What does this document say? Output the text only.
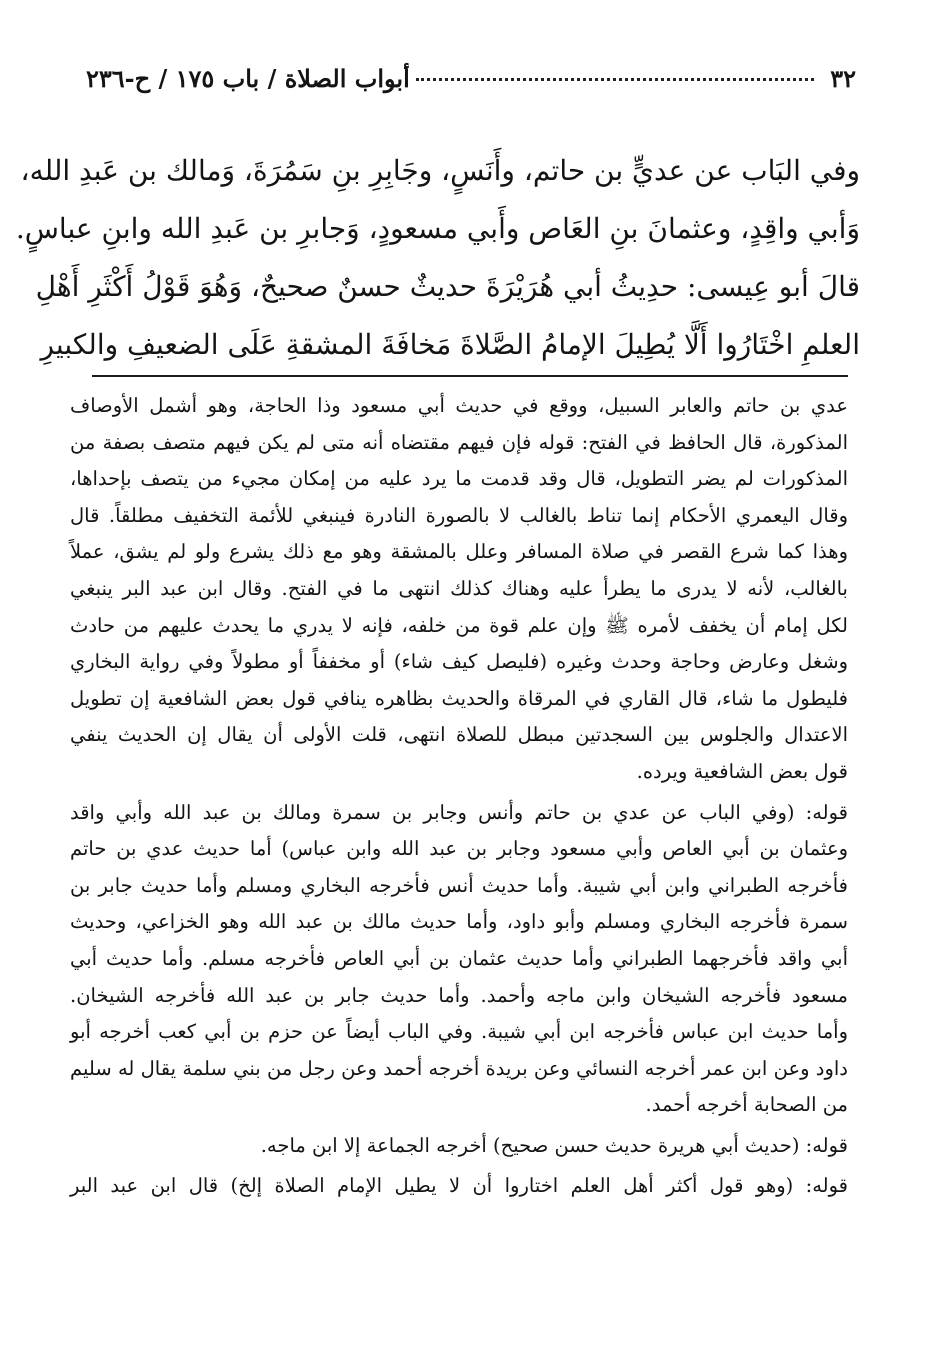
٣٢
أبواب الصلاة / باب ١٧٥ / ح-٢٣٦

وفي البَاب عن عديٍّ بن حاتم، وأَنَسٍ، وجَابِرِ بنِ سَمُرَةَ، وَمالك بن عَبدِ الله،
وَأبي واقِدٍ، وعثمانَ بنِ العَاص وأَبي مسعودٍ، وَجابرِ بن عَبدِ الله وابنِ عباسٍ.
قالَ أبو عِيسى: حدِيثُ أبي هُرَيْرَةَ حديثٌ حسنٌ صحيحٌ، وَهُوَ قَوْلُ أَكْثَرِ أَهْلِ
العلمِ اخْتَارُوا أَلَّا يُطِيلَ الإمامُ الصَّلاةَ مَخافَةَ المشقةِ عَلَى الضعيفِ والكبيرِ

عدي بن حاتم والعابر السبيل، ووقع في حديث أبي مسعود وذا الحاجة، وهو أشمل الأوصاف
المذكورة، قال الحافظ في الفتح: قوله فإن فيهم مقتضاه أنه متى لم يكن فيهم متصف بصفة من
المذكورات لم يضر التطويل، قال وقد قدمت ما يرد عليه من إمكان مجيء من يتصف بإحداها،
وقال اليعمري الأحكام إنما تناط بالغالب لا بالصورة النادرة فينبغي للأئمة التخفيف مطلقاً. قال
وهذا كما شرع القصر في صلاة المسافر وعلل بالمشقة وهو مع ذلك يشرع ولو لم يشق، عملاً
بالغالب، لأنه لا يدرى ما يطرأ عليه وهناك كذلك انتهى ما في الفتح. وقال ابن عبد البر ينبغي
لكل إمام أن يخفف لأمره ﷺ وإن علم قوة من خلفه، فإنه لا يدري ما يحدث عليهم من حادث
وشغل وعارض وحاجة وحدث وغيره (فليصل كيف شاء) أو مخففاً أو مطولاً وفي رواية البخاري
فليطول ما شاء، قال القاري في المرقاة والحديث بظاهره ينافي قول بعض الشافعية إن تطويل
الاعتدال والجلوس بين السجدتين مبطل للصلاة انتهى، قلت الأولى أن يقال إن الحديث ينفي
قول بعض الشافعية ويرده.
قوله: (وفي الباب عن عدي بن حاتم وأنس وجابر بن سمرة ومالك بن عبد الله وأبي واقد
وعثمان بن أبي العاص وأبي مسعود وجابر بن عبد الله وابن عباس) أما حديث عدي بن حاتم
فأخرجه الطبراني وابن أبي شيبة. وأما حديث أنس فأخرجه البخاري ومسلم وأما حديث جابر بن
سمرة فأخرجه البخاري ومسلم وأبو داود، وأما حديث مالك بن عبد الله وهو الخزاعي، وحديث
أبي واقد فأخرجهما الطبراني وأما حديث عثمان بن أبي العاص فأخرجه مسلم. وأما حديث أبي
مسعود فأخرجه الشيخان وابن ماجه وأحمد. وأما حديث جابر بن عبد الله فأخرجه الشيخان.
وأما حديث ابن عباس فأخرجه ابن أبي شيبة. وفي الباب أيضاً عن حزم بن أبي كعب أخرجه أبو
داود وعن ابن عمر أخرجه النسائي وعن بريدة أخرجه أحمد وعن رجل من بني سلمة يقال له سليم
من الصحابة أخرجه أحمد.
قوله: (حديث أبي هريرة حديث حسن صحيح) أخرجه الجماعة إلا ابن ماجه.
قوله: (وهو قول أكثر أهل العلم اختاروا أن لا يطيل الإمام الصلاة إلخ) قال ابن عبد البر
